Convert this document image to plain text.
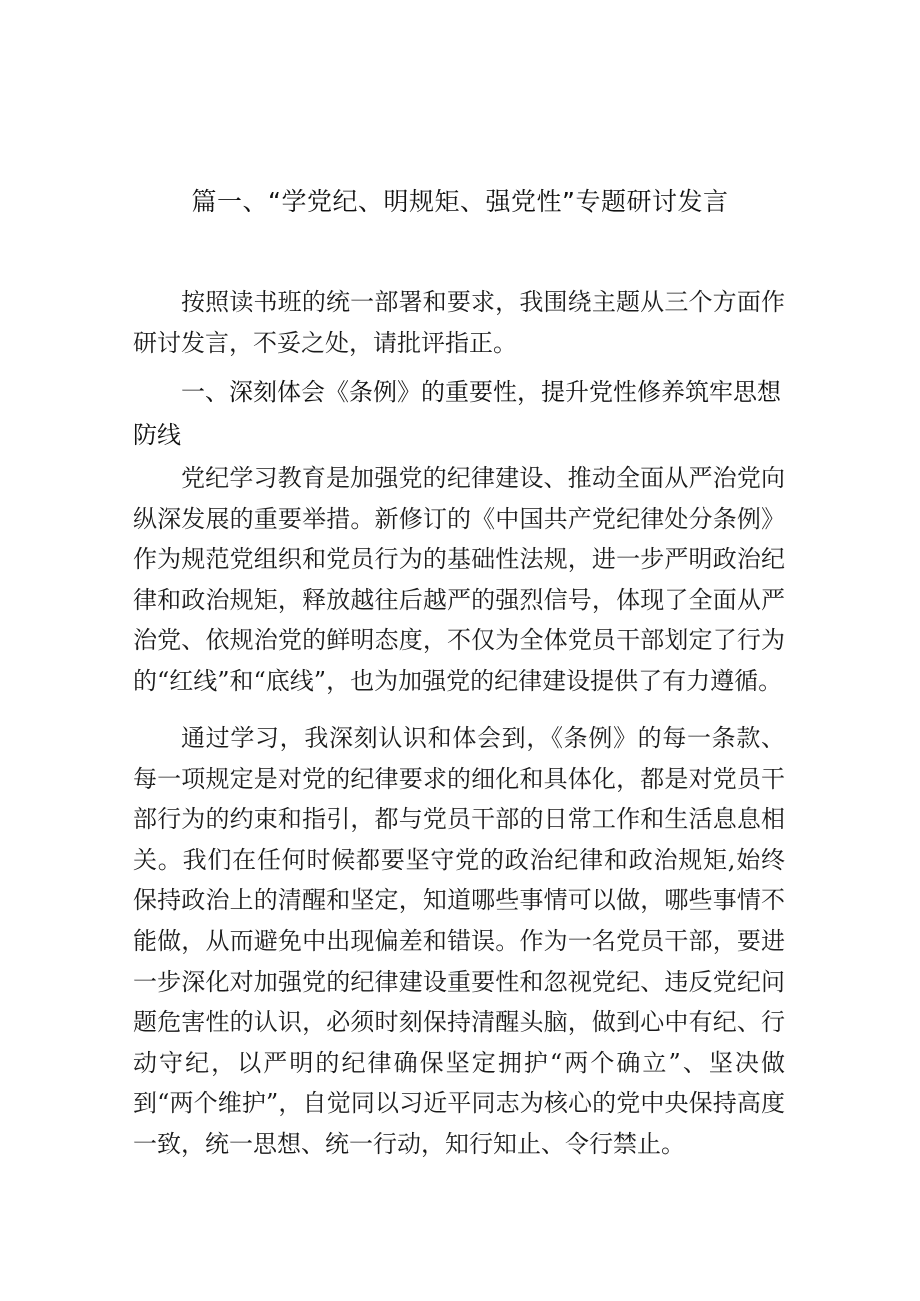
篇一、“学党纪、明规矩、强党性”专题研讨发言

按照读书班的统一部署和要求，我围绕主题从三个方面作研讨发言，不妥之处，请批评指正。

一、深刻体会《条例》的重要性，提升党性修养筑牢思想防线

党纪学习教育是加强党的纪律建设、推动全面从严治党向纵深发展的重要举措。新修订的《中国共产党纪律处分条例》作为规范党组织和党员行为的基础性法规，进一步严明政治纪律和政治规矩，释放越往后越严的强烈信号，体现了全面从严治党、依规治党的鲜明态度，不仅为全体党员干部划定了行为的“红线”和“底线”，也为加强党的纪律建设提供了有力遵循。

通过学习，我深刻认识和体会到，《条例》的每一条款、每一项规定是对党的纪律要求的细化和具体化，都是对党员干部行为的约束和指引，都与党员干部的日常工作和生活息息相关。我们在任何时候都要坚守党的政治纪律和政治规矩,始终保持政治上的清醒和坚定，知道哪些事情可以做，哪些事情不能做，从而避免中出现偏差和错误。作为一名党员干部，要进一步深化对加强党的纪律建设重要性和忽视党纪、违反党纪问题危害性的认识，必须时刻保持清醒头脑，做到心中有纪、行动守纪，以严明的纪律确保坚定拥护“两个确立”、坚决做到“两个维护”，自觉同以习近平同志为核心的党中央保持高度一致，统一思想、统一行动，知行知止、令行禁止。
